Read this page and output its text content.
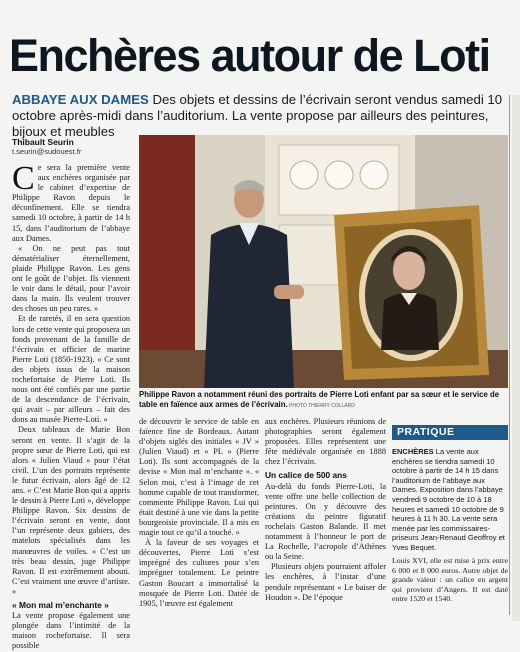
Enchères autour de Loti

ABBAYE AUX DAMES Des objets et dessins de l’écrivain seront vendus samedi 10 octobre après-midi dans l’auditorium. La vente propose par ailleurs des peintures, bijoux et meubles

Thibault Seurin
t.seurin@sudouest.fr

Ce sera la première vente aux enchères organisée par le cabinet d’expertise de Philippe Ravon depuis le déconfinement. Elle se tiendra samedi 10 octobre, à partir de 14 h 15, dans l’auditorium de l’abbaye aux Dames.

« On ne peut pas tout dématérialiser éternellement, plaide Philippe Ravon. Les gens ont le goût de l’objet. Ils viennent le voir dans le détail, pour l’avoir dans la main. Ils veulent trouver des choses un peu rares. »

Et de raretés, il en sera question lors de cette vente qui proposera un fonds provenant de la famille de l’écrivain et officier de marine Pierre Loti (1850-1923). « Ce sont des objets issus de la maison rochefortaise de Pierre Loti. Ils nous ont été confiés par une partie de la descendance de l’écrivain, qui avait – par ailleurs – fait des dons au musée Pierre-Loti. »

Deux tableaux de Marie Bon seront en vente. Il s’agit de la propre sœur de Pierre Loti, qui est alors « Julien Viaud » pour l’état civil. L’un des portraits représente le futur écrivain, alors âgé de 12 ans. « C’est Marie Bon qui a appris le dessin à Pierre Loti », développe Philippe Ravon. Six dessins de l’écrivain seront en vente, dont l’un représente deux gabiers, des matelots spécialisés dans les manœuvres de voiles. « C’est un très beau dessin, juge Philippe Ravon. Il est extrêmement abouti. C’est vraiment une œuvre d’artiste. »

« Mon mal m’enchante »

La vente propose également une plongée dans l’intimité de la maison rochefortaise. Il sera possible

Philippe Ravon a notamment réuni des portraits de Pierre Loti enfant par sa sœur et le service de table en faïence aux armes de l’écrivain. PHOTO THIERRY COLLARD

de découvrir le service de table en faïence fine de Bordeaux. Autant d’objets siglés des initiales « JV » (Julien Viaud) et « PL » (Pierre Loti). Ils sont accompagnés de la devise « Mon mal m’enchante ». « Selon moi, c’est à l’image de cet homme capable de tout transformer, commente Philippe Ravon. Lui qui était destiné à une vie dans la petite bourgeoisie provinciale. Il a mis en magie tout ce qu’il a touché. »

À la faveur de ses voyages et découvertes, Pierre Loti s’est imprégné des cultures pour s’en imprégner totalement. Le peintre Gaston Boucart a immortalisé la mosquée de Pierre Loti. Datée de 1905, l’œuvre est également

aux enchères. Plusieurs réunions de photographies seront également proposées. Elles représentent une fête médiévale organisée en 1888 chez l’écrivain.

Un calice de 500 ans

Au-delà du fonds Pierre-Loti, la vente offre une belle collection de peintures. On y découvre des créations du peintre figuratif rochelais Gaston Balande. Il met notamment à l’honneur le port de La Rochelle, l’acropole d’Athènes ou la Seine.

Plusieurs objets pourraient affoler les enchères, à l’instar d’une pendule représentant « Le baiser de Houdon ». De l’époque

PRATIQUE

ENCHÈRES La vente aux enchères se tiendra samedi 10 octobre à partir de 14 h 15 dans l’auditorium de l’abbaye aux Dames. Exposition dans l’abbaye vendredi 9 octobre de 10 à 18 heures et samedi 10 octobre de 9 heures à 11 h 30. La vente sera menée par les commissaires-priseurs Jean-Renaud Geoffroy et Yves Bequet.

Louis XVI, elle est mise à prix entre 6 000 et 8 000 euros. Autre objet de grande valeur : un calice en argent qui provient d’Angers. Il est daté entre 1520 et 1540.
